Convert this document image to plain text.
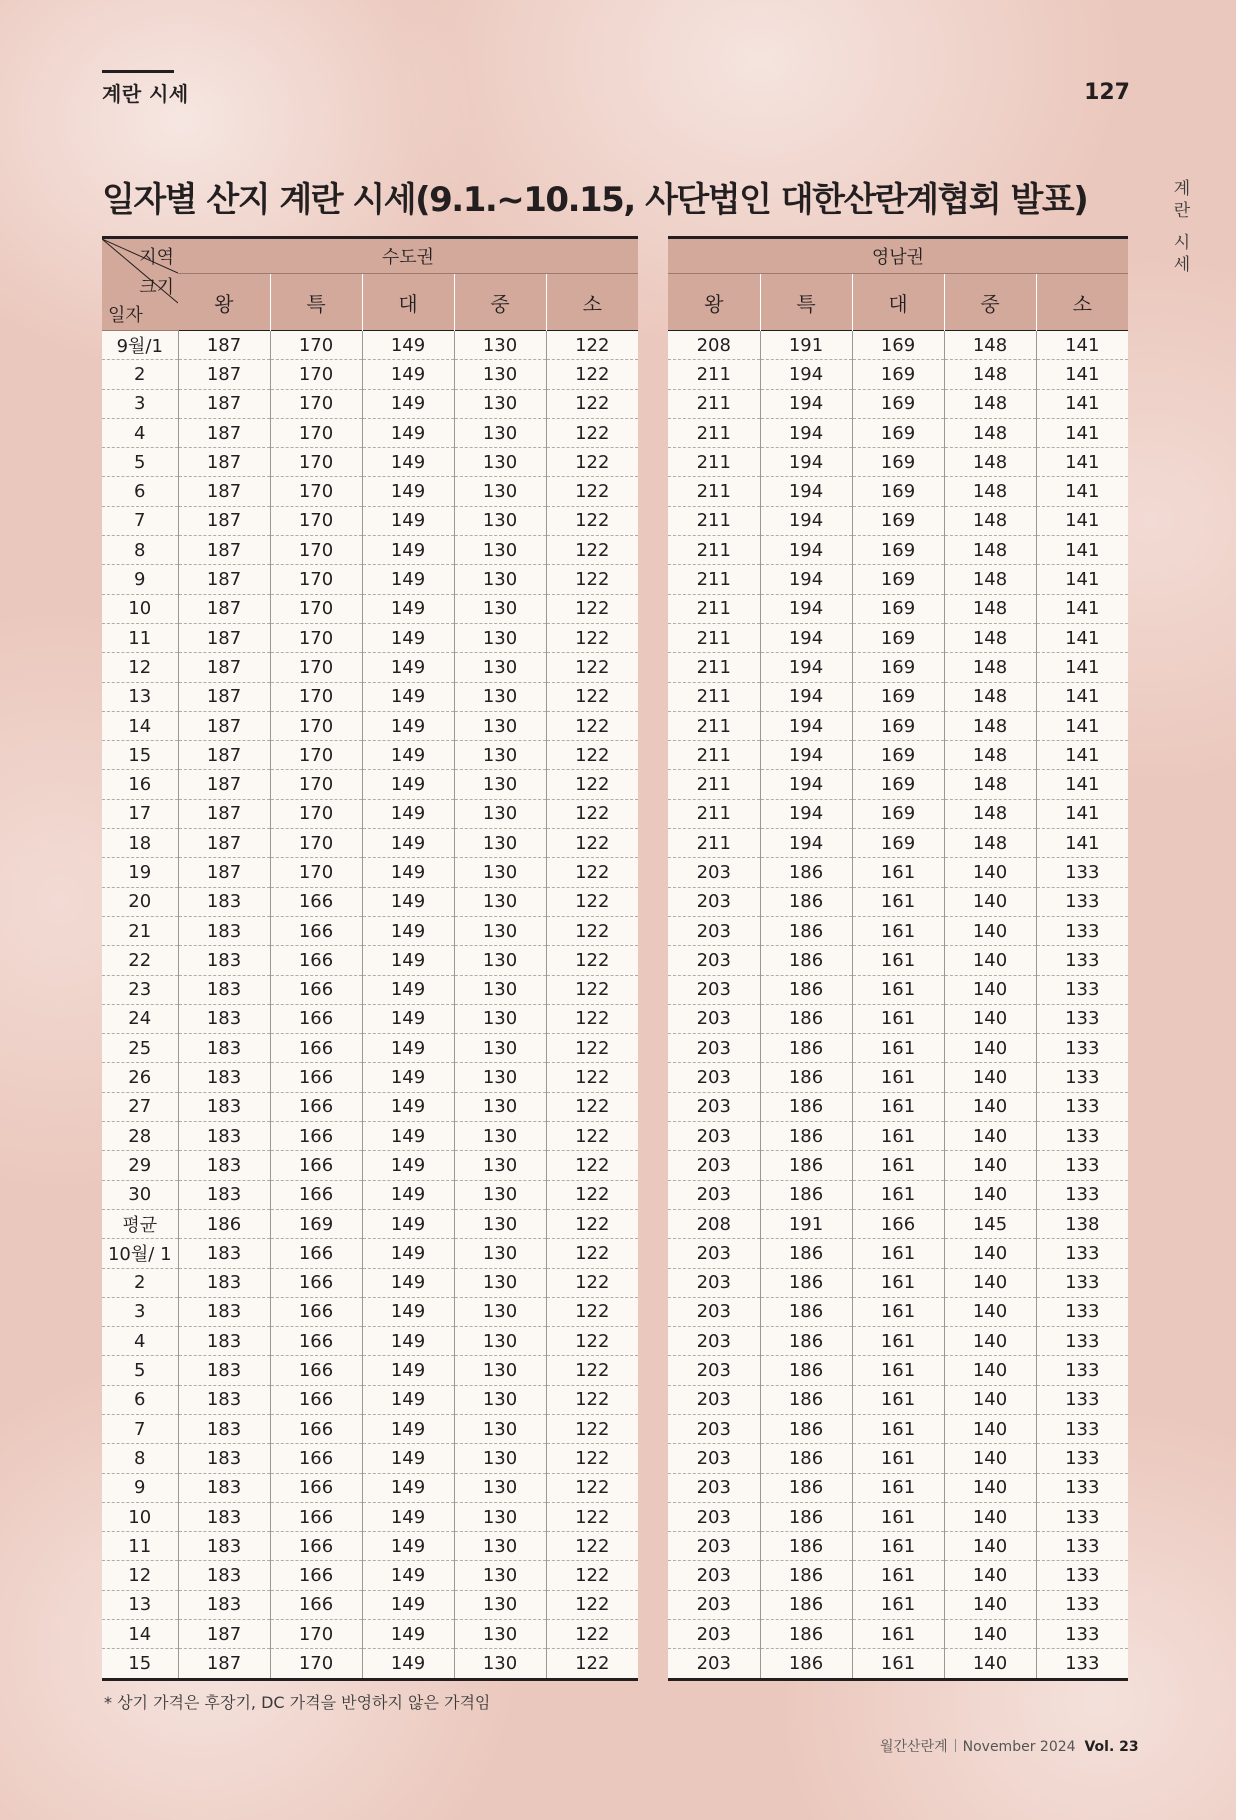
계란 시세	127
계
란
시
세
일자별 산지 계란 시세(9.1.~10.15, 사단법인 대한산란계협회 발표)
지역
크기
일자	수도권				
	왕	특	대	중	소
9월/1	187	170	149	130	122
2	187	170	149	130	122
3	187	170	149	130	122
4	187	170	149	130	122
5	187	170	149	130	122
6	187	170	149	130	122
7	187	170	149	130	122
8	187	170	149	130	122
9	187	170	149	130	122
10	187	170	149	130	122
11	187	170	149	130	122
12	187	170	149	130	122
13	187	170	149	130	122
14	187	170	149	130	122
15	187	170	149	130	122
16	187	170	149	130	122
17	187	170	149	130	122
18	187	170	149	130	122
19	187	170	149	130	122
20	183	166	149	130	122
21	183	166	149	130	122
22	183	166	149	130	122
23	183	166	149	130	122
24	183	166	149	130	122
25	183	166	149	130	122
26	183	166	149	130	122
27	183	166	149	130	122
28	183	166	149	130	122
29	183	166	149	130	122
30	183	166	149	130	122
평균	186	169	149	130	122
10월/ 1	183	166	149	130	122
2	183	166	149	130	122
3	183	166	149	130	122
4	183	166	149	130	122
5	183	166	149	130	122
6	183	166	149	130	122
7	183	166	149	130	122
8	183	166	149	130	122
9	183	166	149	130	122
10	183	166	149	130	122
11	183	166	149	130	122
12	183	166	149	130	122
13	183	166	149	130	122
14	187	170	149	130	122
15	187	170	149	130	122
영남권				
왕	특	대	중	소
208	191	169	148	141
211	194	169	148	141
211	194	169	148	141
211	194	169	148	141
211	194	169	148	141
211	194	169	148	141
211	194	169	148	141
211	194	169	148	141
211	194	169	148	141
211	194	169	148	141
211	194	169	148	141
211	194	169	148	141
211	194	169	148	141
211	194	169	148	141
211	194	169	148	141
211	194	169	148	141
211	194	169	148	141
211	194	169	148	141
203	186	161	140	133
203	186	161	140	133
203	186	161	140	133
203	186	161	140	133
203	186	161	140	133
203	186	161	140	133
203	186	161	140	133
203	186	161	140	133
203	186	161	140	133
203	186	161	140	133
203	186	161	140	133
203	186	161	140	133
208	191	166	145	138
203	186	161	140	133
203	186	161	140	133
203	186	161	140	133
203	186	161	140	133
203	186	161	140	133
203	186	161	140	133
203	186	161	140	133
203	186	161	140	133
203	186	161	140	133
203	186	161	140	133
203	186	161	140	133
203	186	161	140	133
203	186	161	140	133
203	186	161	140	133
203	186	161	140	133
* 상기 가격은 후장기, DC 가격을 반영하지 않은 가격임
월간산란계 November 2024 Vol. 23
